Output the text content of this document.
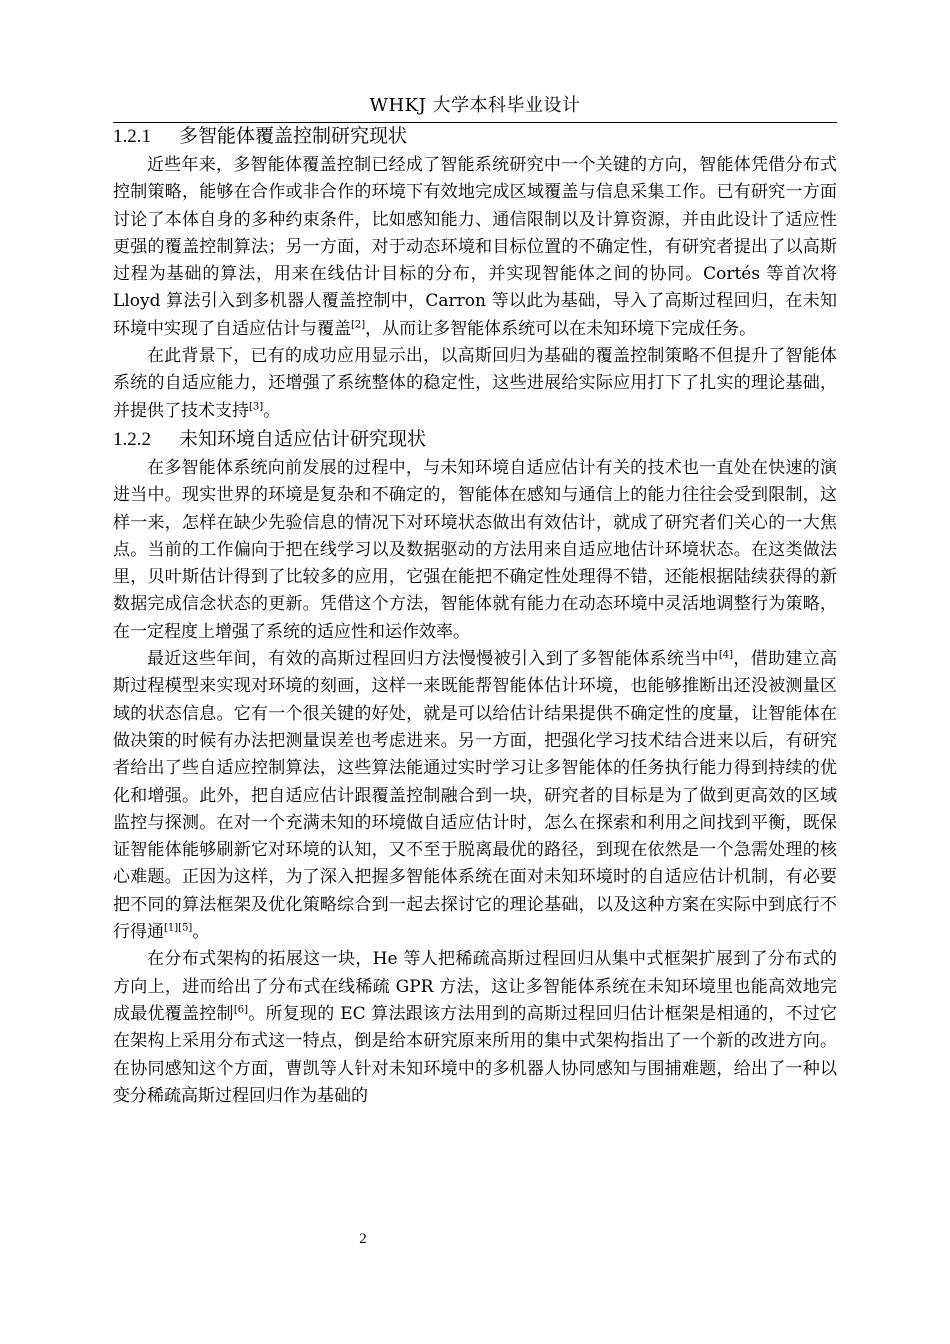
WHKJ 大学本科毕业设计
1.2.1 多智能体覆盖控制研究现状

近些年来，多智能体覆盖控制已经成了智能系统研究中一个关键的方向，智能体凭借分布式控制策略，能够在合作或非合作的环境下有效地完成区域覆盖与信息采集工作。已有研究一方面讨论了本体自身的多种约束条件，比如感知能力、通信限制以及计算资源，并由此设计了适应性更强的覆盖控制算法；另一方面，对于动态环境和目标位置的不确定性，有研究者提出了以高斯过程为基础的算法，用来在线估计目标的分布，并实现智能体之间的协同。Cortés 等首次将 Lloyd 算法引入到多机器人覆盖控制中，Carron 等以此为基础，导入了高斯过程回归，在未知环境中实现了自适应估计与覆盖[2]，从而让多智能体系统可以在未知环境下完成任务。

在此背景下，已有的成功应用显示出，以高斯回归为基础的覆盖控制策略不但提升了智能体系统的自适应能力，还增强了系统整体的稳定性，这些进展给实际应用打下了扎实的理论基础，并提供了技术支持[3]。

1.2.2 未知环境自适应估计研究现状

在多智能体系统向前发展的过程中，与未知环境自适应估计有关的技术也一直处在快速的演进当中。现实世界的环境是复杂和不确定的，智能体在感知与通信上的能力往往会受到限制，这样一来，怎样在缺少先验信息的情况下对环境状态做出有效估计，就成了研究者们关心的一大焦点。当前的工作偏向于把在线学习以及数据驱动的方法用来自适应地估计环境状态。在这类做法里，贝叶斯估计得到了比较多的应用，它强在能把不确定性处理得不错，还能根据陆续获得的新数据完成信念状态的更新。凭借这个方法，智能体就有能力在动态环境中灵活地调整行为策略，在一定程度上增强了系统的适应性和运作效率。

最近这些年间，有效的高斯过程回归方法慢慢被引入到了多智能体系统当中[4]，借助建立高斯过程模型来实现对环境的刻画，这样一来既能帮智能体估计环境，也能够推断出还没被测量区域的状态信息。它有一个很关键的好处，就是可以给估计结果提供不确定性的度量，让智能体在做决策的时候有办法把测量误差也考虑进来。另一方面，把强化学习技术结合进来以后，有研究者给出了些自适应控制算法，这些算法能通过实时学习让多智能体的任务执行能力得到持续的优化和增强。此外，把自适应估计跟覆盖控制融合到一块，研究者的目标是为了做到更高效的区域监控与探测。在对一个充满未知的环境做自适应估计时，怎么在探索和利用之间找到平衡，既保证智能体能够刷新它对环境的认知，又不至于脱离最优的路径，到现在依然是一个急需处理的核心难题。正因为这样，为了深入把握多智能体系统在面对未知环境时的自适应估计机制，有必要把不同的算法框架及优化策略综合到一起去探讨它的理论基础，以及这种方案在实际中到底行不行得通[1][5]。

在分布式架构的拓展这一块，He 等人把稀疏高斯过程回归从集中式框架扩展到了分布式的方向上，进而给出了分布式在线稀疏 GPR 方法，这让多智能体系统在未知环境里也能高效地完成最优覆盖控制[6]。所复现的 EC 算法跟该方法用到的高斯过程回归估计框架是相通的，不过它在架构上采用分布式这一特点，倒是给本研究原来所用的集中式架构指出了一个新的改进方向。在协同感知这个方面，曹凯等人针对未知环境中的多机器人协同感知与围捕难题，给出了一种以变分稀疏高斯过程回归作为基础的

2
